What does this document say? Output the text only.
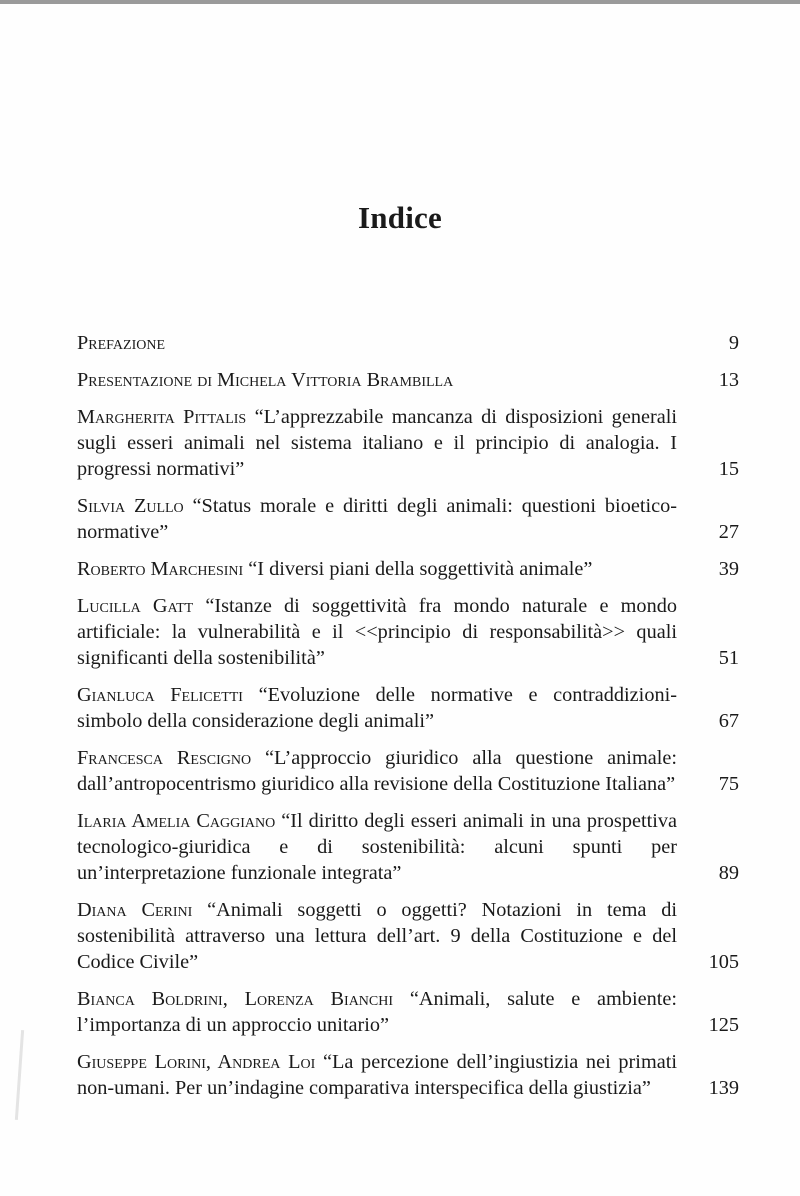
Indice
Prefazione	9
Presentazione di Michela Vittoria Brambilla	13
Margherita Pittalis “L’apprezzabile mancanza di disposizioni generali sugli esseri animali nel sistema italiano e il principio di analogia. I progressi normativi”	15
Silvia Zullo “Status morale e diritti degli animali: questioni bioetico-normative”	27
Roberto Marchesini “I diversi piani della soggettività animale”	39
Lucilla Gatt “Istanze di soggettività fra mondo naturale e mondo artificiale: la vulnerabilità e il <<principio di responsabilità>> quali significanti della sostenibilità”	51
Gianluca Felicetti “Evoluzione delle normative e contraddizioni-simbolo della considerazione degli animali”	67
Francesca Rescigno “L’approccio giuridico alla questione animale: dall’antropocentrismo giuridico alla revisione della Costituzione Italiana” 75
Ilaria Amelia Caggiano “Il diritto degli esseri animali in una prospettiva tecnologico-giuridica e di sostenibilità: alcuni spunti per un’interpretazione funzionale integrata”	89
Diana Cerini “Animali soggetti o oggetti? Notazioni in tema di sostenibilità attraverso una lettura dell’art. 9 della Costituzione e del Codice Civile”	105
Bianca Boldrini, Lorenza Bianchi “Animali, salute e ambiente: l’importanza di un approccio unitario”	125
Giuseppe Lorini, Andrea Loi “La percezione dell’ingiustizia nei primati non-umani. Per un’indagine comparativa interspecifica della giustizia”	139
